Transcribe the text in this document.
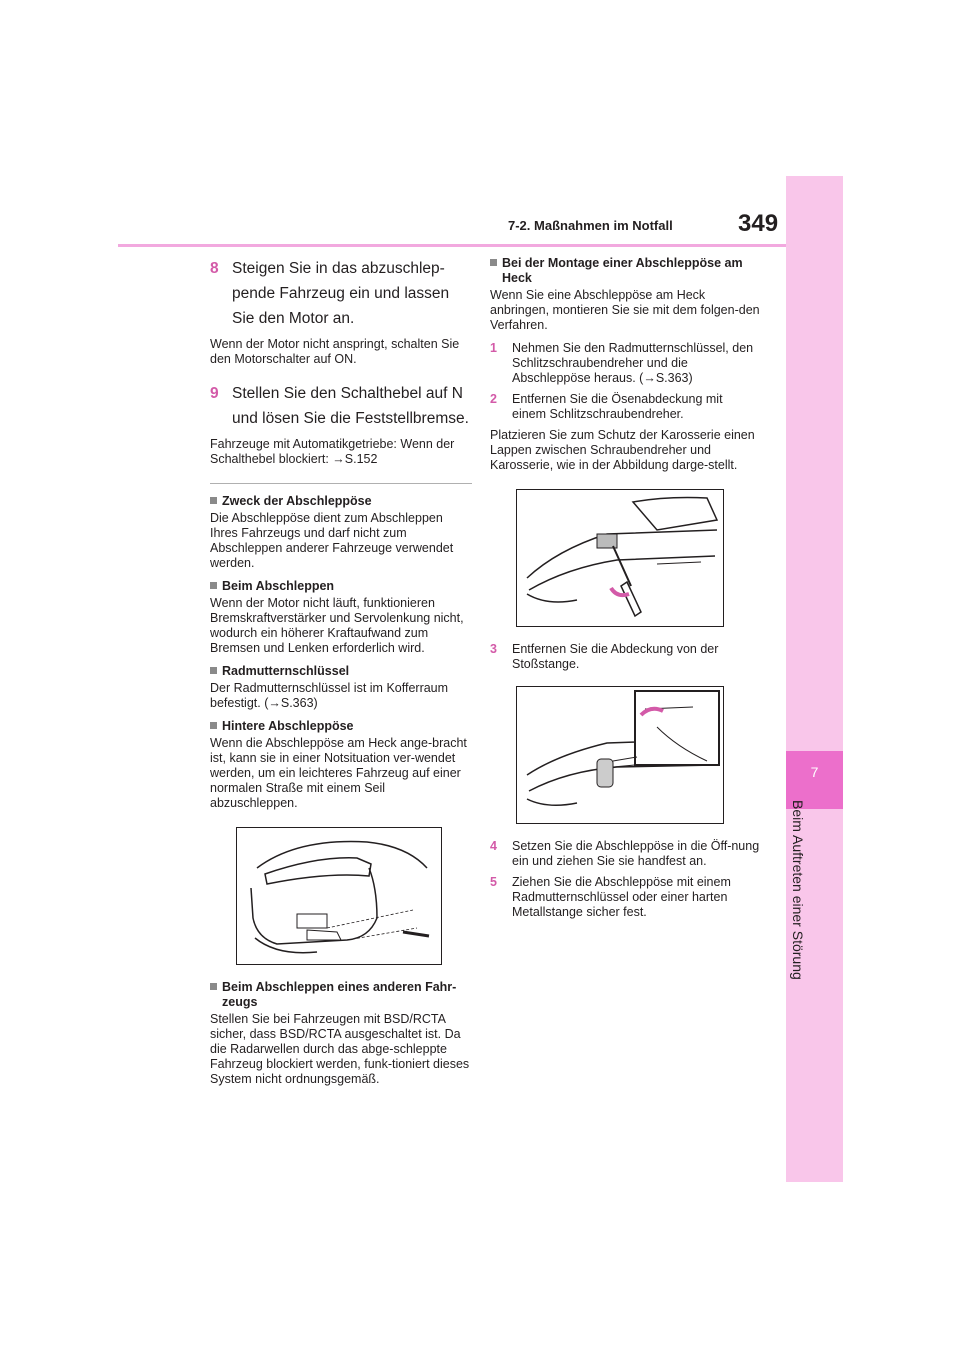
7
Beim Auftreten einer Störung
7-2. Maßnahmen im Notfall	349
8 Steigen Sie in das abzuschlep-pende Fahrzeug ein und lassen Sie den Motor an.

Wenn der Motor nicht anspringt, schalten Sie den Motorschalter auf ON.

9 Stellen Sie den Schalthebel auf N und lösen Sie die Feststellbremse.

Fahrzeuge mit Automatikgetriebe: Wenn der Schalthebel blockiert: →S.152

Zweck der Abschleppöse

Die Abschleppöse dient zum Abschleppen Ihres Fahrzeugs und darf nicht zum Abschleppen anderer Fahrzeuge verwendet werden.

Beim Abschleppen

Wenn der Motor nicht läuft, funktionieren Bremskraftverstärker und Servolenkung nicht, wodurch ein höherer Kraftaufwand zum Bremsen und Lenken erforderlich wird.

Radmutternschlüssel

Der Radmutternschlüssel ist im Kofferraum befestigt. (→S.363)

Hintere Abschleppöse

Wenn die Abschleppöse am Heck ange-bracht ist, kann sie in einer Notsituation ver-wendet werden, um ein leichteres Fahrzeug auf einer normalen Straße mit einem Seil abzuschleppen.

Beim Abschleppen eines anderen Fahr-zeugs

Stellen Sie bei Fahrzeugen mit BSD/RCTA sicher, dass BSD/RCTA ausgeschaltet ist. Da die Radarwellen durch das abge-schleppte Fahrzeug blockiert werden, funk-tioniert dieses System nicht ordnungsgemäß.

Bei der Montage einer Abschleppöse am Heck

Wenn Sie eine Abschleppöse am Heck anbringen, montieren Sie sie mit dem folgen-den Verfahren.

1	Nehmen Sie den Radmutternschlüssel, den Schlitzschraubendreher und die Abschleppöse heraus. (→S.363)
2	Entfernen Sie die Ösenabdeckung mit einem Schlitzschraubendreher.

Platzieren Sie zum Schutz der Karosserie einen Lappen zwischen Schraubendreher und Karosserie, wie in der Abbildung darge-stellt.

3	Entfernen Sie die Abdeckung von der Stoßstange.
4	Setzen Sie die Abschleppöse in die Öff-nung ein und ziehen Sie sie handfest an.
5	Ziehen Sie die Abschleppöse mit einem Radmutternschlüssel oder einer harten Metallstange sicher fest.
